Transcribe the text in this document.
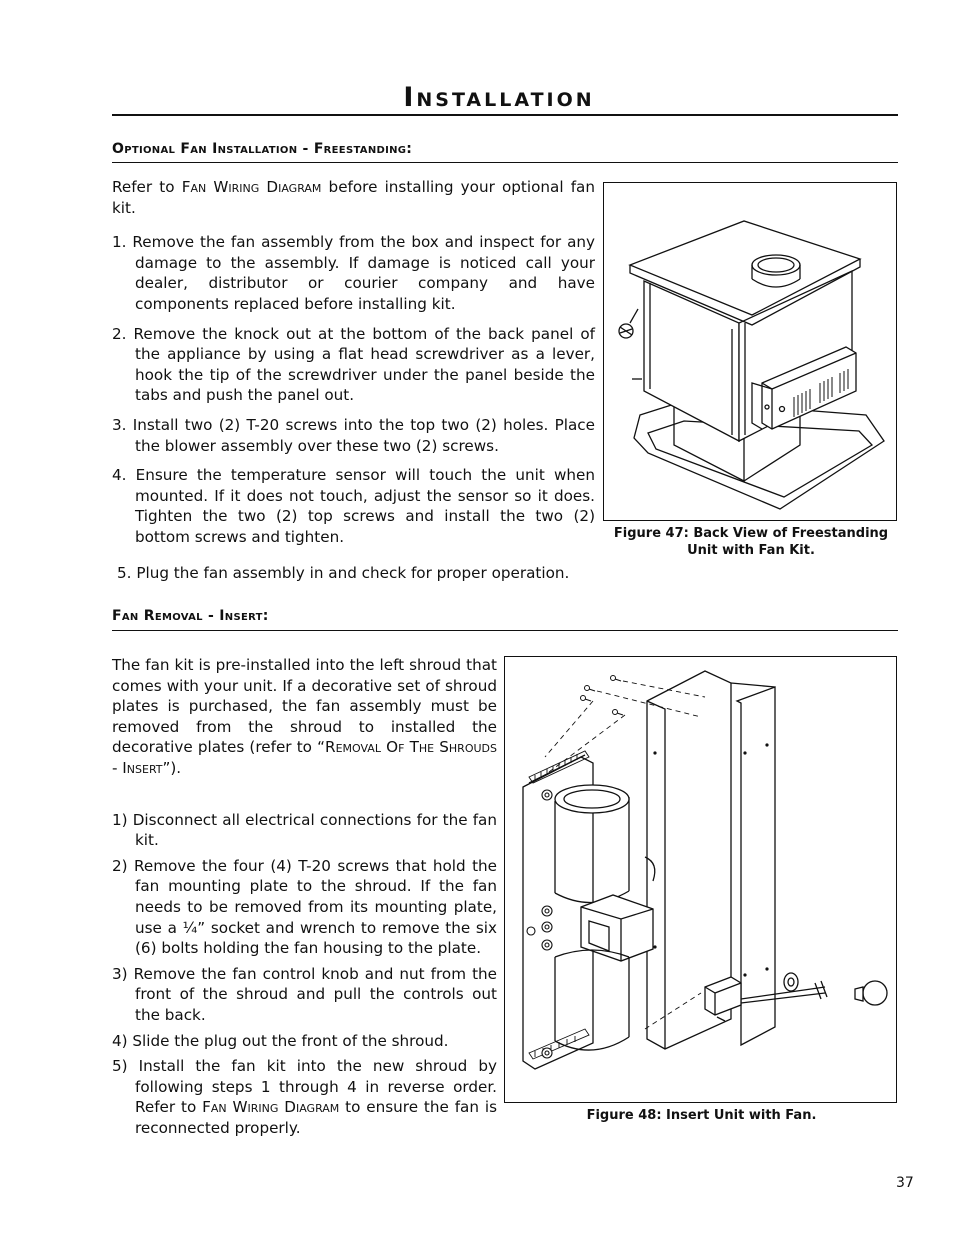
Installation
Optional Fan Installation - Freestanding:

Refer to Fan Wiring Diagram before installing your optional fan kit.

1. Remove the fan assembly from the box and inspect for any damage to the assembly. If damage is noticed call your dealer, distributor or courier company and have components replaced before installing kit.

2. Remove the knock out at the bottom of the back panel of the appliance by using a flat head screwdriver as a lever, hook the tip of the screwdriver under the panel beside the tabs and push the panel out.

3. Install two (2) T-20 screws into the top two (2) holes. Place the blower assembly over these two (2) screws.

4. Ensure the temperature sensor will touch the unit when mounted. If it does not touch, adjust the sensor so it does. Tighten the two (2) top screws and install the two (2) bottom screws and tighten.

5. Plug the fan assembly in and check for proper operation.
Figure 47: Back View of Freestanding
Unit with Fan Kit.
Fan Removal - Insert:

The fan kit is pre-installed into the left shroud that comes with your unit. If a decorative set of shroud plates is purchased, the fan assembly must be removed from the shroud to installed the decorative plates (refer to “Removal Of The Shrouds - Insert”).

1) Disconnect all electrical connections for the fan kit.

2) Remove the four (4) T-20 screws that hold the fan mounting plate to the shroud. If the fan needs to be removed from its mounting plate, use a ¼” socket and wrench to remove the six (6) bolts holding the fan housing to the plate.

3) Remove the fan control knob and nut from the front of the shroud and pull the controls out the back.

4) Slide the plug out the front of the shroud.

5) Install the fan kit into the new shroud by following steps 1 through 4 in reverse order. Refer to Fan Wiring Diagram to ensure the fan is reconnected properly.

Figure 48: Insert Unit with Fan.
37
